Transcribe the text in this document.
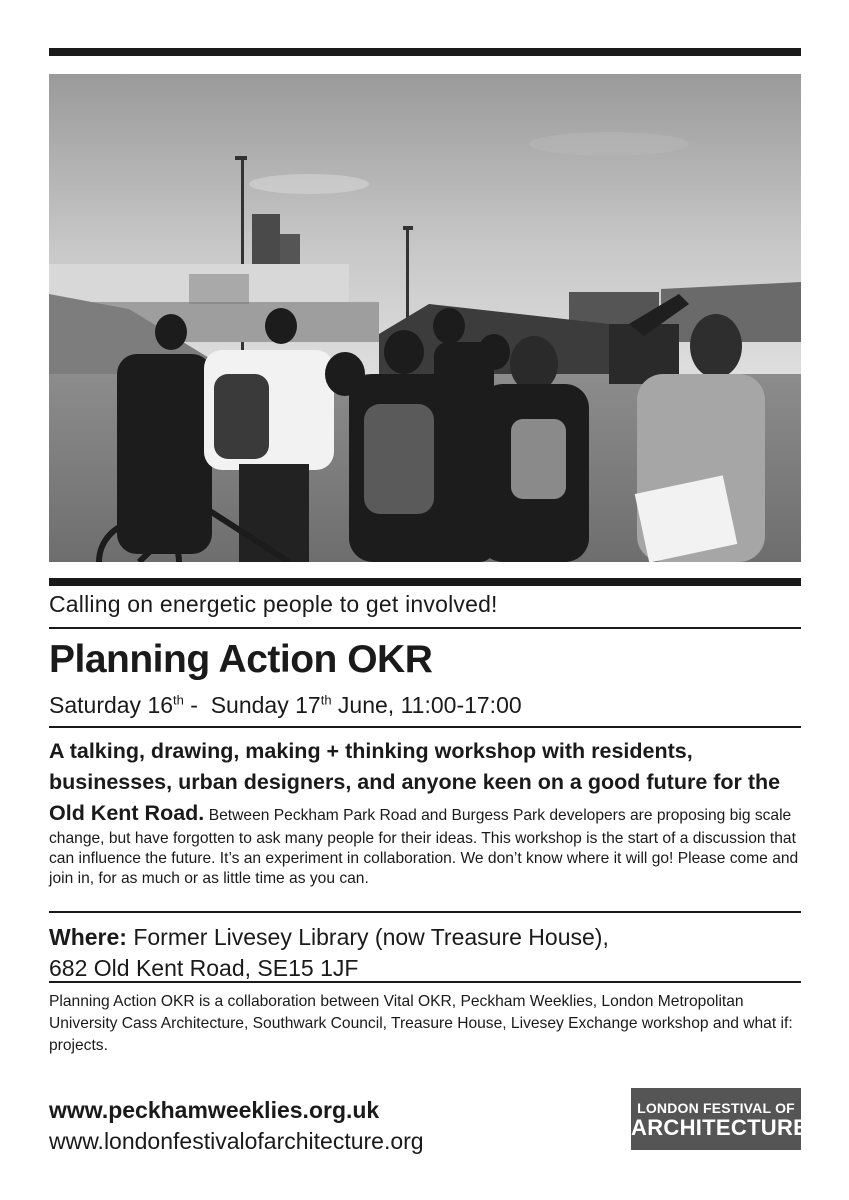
Calling on energetic people to get involved!
Planning Action OKR
Saturday 16th -  Sunday 17th June, 11:00-17:00
A talking, drawing, making + thinking workshop with residents, businesses, urban designers, and anyone keen on a good future for the Old Kent Road. Between Peckham Park Road and Burgess Park developers are proposing big scale change, but have forgotten to ask many people for their ideas. This workshop is the start of a discussion that can influence the future. It’s an experiment in collaboration. We don’t know where it will go! Please come and join in, for as much or as little time as you can.
Where: Former Livesey Library (now Treasure House),
682 Old Kent Road, SE15 1JF
Planning Action OKR is a collaboration between Vital OKR, Peckham Weeklies, London Metropolitan University Cass Architecture, Southwark Council, Treasure House, Livesey Exchange workshop and what if: projects.
www.peckhamweeklies.org.uk
www.londonfestivalofarchitecture.org
LONDON FESTIVAL OF
ARCHITECTURE
